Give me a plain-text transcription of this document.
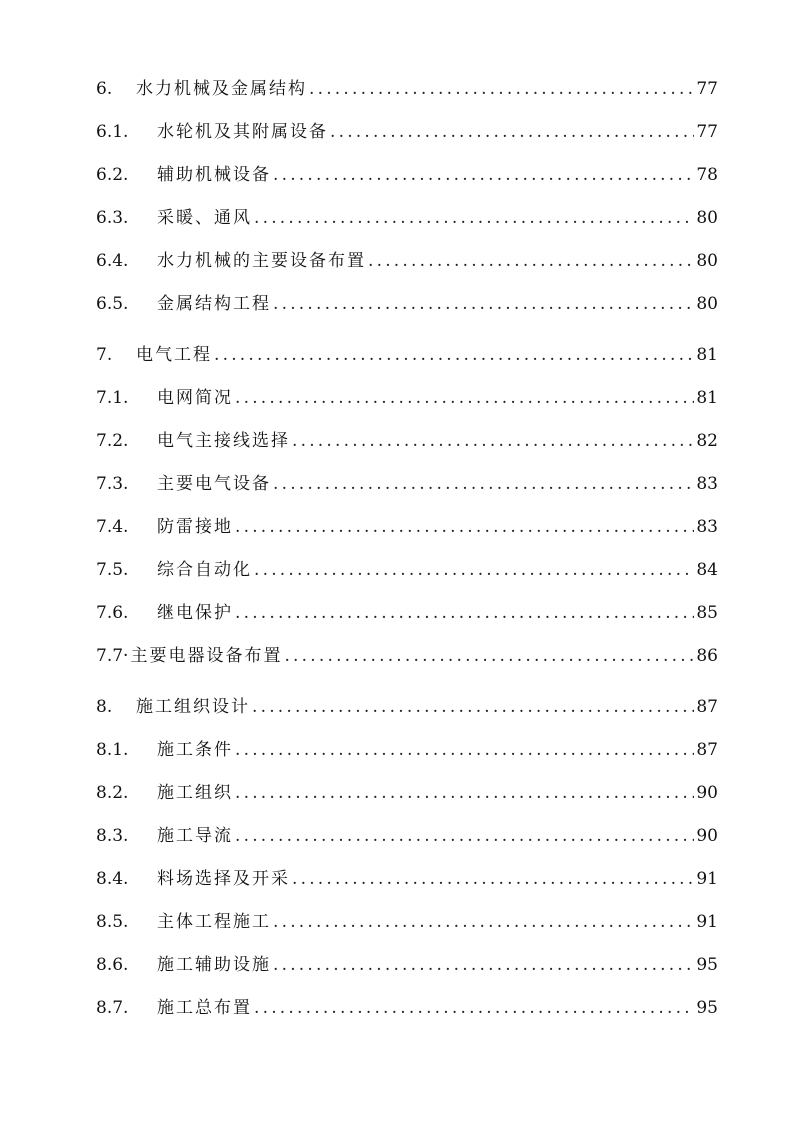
6.	水力机械及金属结构 .....	77
6.1.	水轮机及其附属设备 .....	77
6.2.	辅助机械设备 .....	78
6.3.	采暖、通风 .....	80
6.4.	水力机械的主要设备布置 .....	80
6.5.	金属结构工程 .....	80
7.	电气工程 .....	81
7.1.	电网简况 .....	81
7.2.	电气主接线选择 .....	82
7.3.	主要电气设备 .....	83
7.4.	防雷接地 .....	83
7.5.	综合自动化 .....	84
7.6.	继电保护 .....	85
7.7· 主要电器设备布置 .....	86
8.	施工组织设计 .....	87
8.1.	施工条件 .....	87
8.2.	施工组织 .....	90
8.3.	施工导流 .....	90
8.4.	料场选择及开采 .....	91
8.5.	主体工程施工 .....	91
8.6.	施工辅助设施 .....	95
8.7.	施工总布置 .....	95
